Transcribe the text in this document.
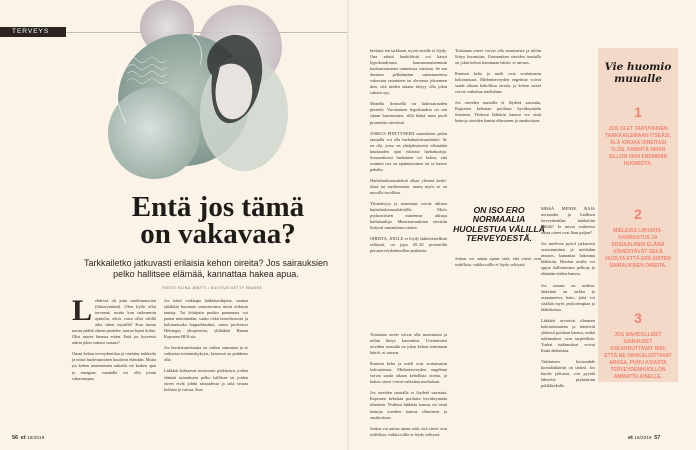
TERVEYS
Entä jos tämä
on vakavaa?

Tarkkailetko jatkuvasti erilaisia kehon oireita? Jos sairauksien pelko hallitsee elämää, kannattaa hakea apua.

TEKSTI ELINA JÄNTTI • KUVITUS GETTY IMAGES

Lehdessä oli juttu ruoditunnyrien (hikiotymästä). Olen kyllä ollut terveenä, mutta kun tarkemmin ajattelin, eikös vatsa ollut välillä aika sitten inysällä? Kun tuosta navan pääliä oikein painelee, tuntuu kipeä kohta. Olisi muyin hiemaa eriten. Entä jos kyseessä onkin jokin vakava sairaus?

Omaa kehon terveydentilaa ja oireiden tarkkailu ja niistä huolestuminen kuuluvat elämään. Mutta jos kehon tuntemusten tarkailu vie kaiken ajan ja energian, tuantalla voi olla jotain vakavampaa.

Jos luket vaikkapa lääkäriartikjeita, saattaa yhtäkkiä huomata sairastavansa niistä erilaisia tauteja. Tai lehtijuttu puskin puenanata voi panna mietitimään, saako riskä borreliooosin ja halvaantuako loppuelämäksi, sanoo professori Helsingin yliopistosta, ylilääkäri Hannu Koponen HUS:sta.

Jos huolestuneisuutta on vaikea saamutaa ja se vaikuttaa toimintakykyyn, kyseessä on poikkeus olla.

Lääkärit kohtaavat toistuvasti poikkeava, joiden elämää sairauksien pelko hallitsee tai joiden oireet eivät johdu sairaudesta ja siitä seuraa kolmea ja vaivaa. Kun

herkästi ten tarkkaan, nyytä oireille ei löydy. Ona näistä henkilöistä voi käsyä hypokondriasta, kansanomaisemmin luulosairaustena tunnetusta vaivasta. Se saa ihmisen pelkäämään sairastuneensa vakavaan sairauteen tai olevansa jokseneen niin, että niiden takana täytyy olla jokin vakava syy.

Monella ihmisellä on luulosairauden piirteitä. Varsinainen hypokondria on sen sijaan harvinainen, sillä häntä mnn puoli prosenttia väestöstä.

JOSKUS PINTTYNEEN sairauksien pelon taustalla voi olla harhaluuloisuushäiriö. Se on tila, jossa on yhtäjaksoisesti vähintään kuukauden ajan erilaisia harhaluuloja. Somaattisesti harhainen voi kokea, että ruumiin osa on epämuotoinen tai se haisee pahalta.

Harhaluuloisuushäiriö alkaa yleensä keski-iässä tai myöhemmin, mutta myös se on nuorilla tavallista.

Yksinäisyys ja masennus voivat altistaa harhaluuloisuushäiriölle. Myös psykoottisten masennus altistaa harhaluuloja. Muistisairauksien oireisiin liittyvät samanlaisia oireita.

OIREITA, JOILLE ei löydy lääketieteellistä selitystä, on jopa 20–30 prosentilla perusterveydenhuollon potilaista.

Toisinaan oireet voivat olla moninaisia ja niihin liittyy kuormitus. Useimmiten oireiden taustalla on jokin kehon toiminnan häiriö, ei sairaus.

Ihmisen keho ja mieli ovat erottamaton kokonaisuus. Mielenterveyden ongelmat voivat saada aikaan kehollisia oireita, ja kehon oireet voivat vaikuttaa mielialaan.

Jos oireiden taustalla ei löydetä sairautta, Koponen kehottaa potilasta hyväksymään tilanteen. Yhdessä lääkärin kanssa voi etsiä keinoja oireiden kanssa elämiseen ja omahoitoon.

Joskus voi auttaa ajatus siitä, että oireet ovat todellisia, vaikka niille ei löydy selitystä.

Toisinaan oireet voivat olla moninaisia ja niihin liittyy kuormitus. Useimmiten oireiden taustalla on jokin kehon toiminnan häiriö, ei sairaus.

Ihmisen keho ja mieli ovat erottamaton kokonaisuus. Mielenterveyden ongelmat voivat saada aikaan kehollisia oireita, ja kehon oireet voivat vaikuttaa mielialaan.

Jos oireiden taustalla ei löydetä sairautta, Koponen kehottaa potilasta hyväksymään tilanteen. Yhdessä lääkärin kanssa voi etsiä keinoja oireiden kanssa elämiseen ja omahoitoon.

ON ISO ERO NORMAALIA HUOLESTUA VÄLILLÄ TERVEYDESTÄ.

Joskus voi auttaa ajatus siitä, että oireet ovat todellisia, vaikka niille ei löydy selitystä.

MISSÄ MENEE RAJA normaalin ja liiallisen terveydentilan tarkkailun välillä? Ja missä vaiheessa omaa oireet ovat liian paljon?

Jos mielessä pyörii jatkuvasti sairastuminen ja mielialan muutos, kannattaa hakeutua lääkäriin. Hoidon avulla voi oppia hallitsemaan pelkoja ja elämään niiden kanssa.

Jos sairaus on todettu, tärkeintä on tarkka ja asiantunteva hoito, joka voi sisältää myös psykoterapiaa ja lääkehoitoa.

Lääkärit arvioivat tilanteen kokonaisuutena ja miettivät yhdessä potilaan kanssa, mitkä tutkimukset ovat tarpeellisia. Turhat tutkimukset voivat lisätä ahdistusta.

Vakituinen hoitosuhde luottolääkäriin on tärkeä. Jos huolet jatkuvat, voit pyytää lähetettä psykiatrian poliklinikalle.

Vie huomio muualle
1
JOS OLET TAIPUVAINEN TARKKAILEMAAN ITSEÄSI, ÄLÄ KIRJAA OIREITASI YLÖS. KIINNITÄ NIIHIN SILLON VAIN ENEMMÄN HUOMIOTA.
2
MIELEIÄS LIIKUNTA-HARRASTUS JA SOSIAALINEN ELÄMÄ VÄHENTÄVÄT SEKÄ HUOLTA ETTÄ ERILAISTEN SAIRAUKSIEN OIREITA.
3
JOS MAHDOLLISET SAIRAUDET ASKARRUTTAVAT NIIN, ETTÄ NE HANKALOITTAVAT ARKEA, PUHU ASIASTA TERVEYDENHUOLLON AMMATTILAISELLE.
56 et 16/2019	et 16/2019 57
